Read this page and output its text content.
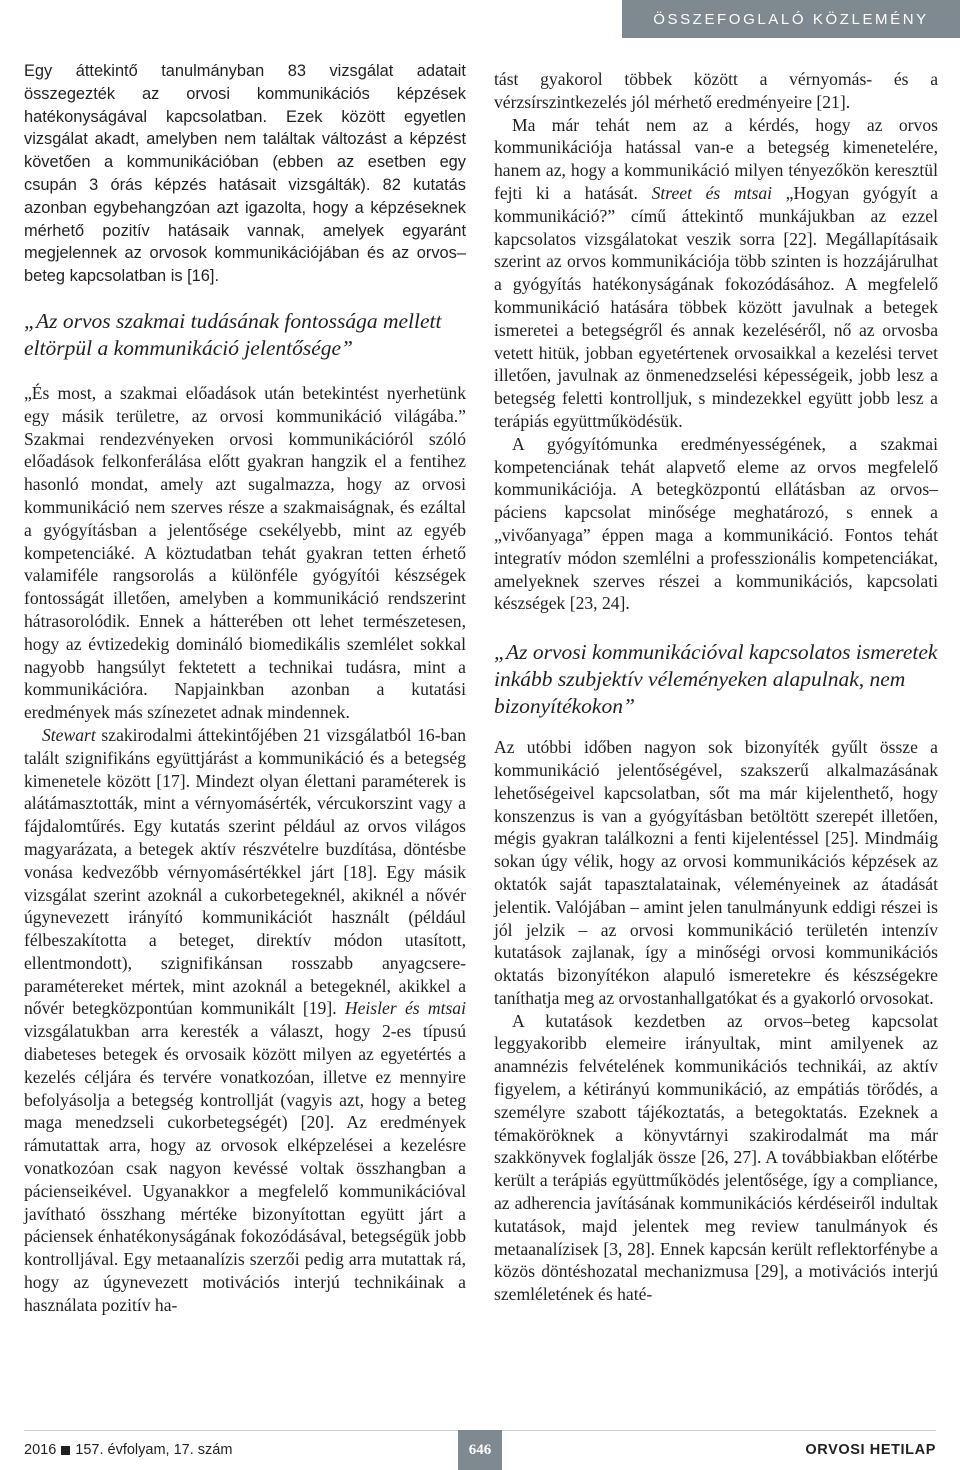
ÖSSZEFOGLALÓ KÖZLEMÉNY

Egy áttekintő tanulmányban 83 vizsgálat adatait összegezték az orvosi kommunikációs képzések hatékonyságával kapcsolatban. Ezek között egyetlen vizsgálat akadt, amelyben nem találtak változást a képzést követően a kommunikációban (ebben az esetben egy csupán 3 órás képzés hatásait vizsgálták). 82 kutatás azonban egybehangzóan azt igazolta, hogy a képzéseknek mérhető pozitív hatásaik vannak, amelyek egyaránt megjelennek az orvosok kommunikációjában és az orvos–beteg kapcsolatban is [16].

„Az orvos szakmai tudásának fontossága mellett eltörpül a kommunikáció jelentősége”

„És most, a szakmai előadások után betekintést nyerhetünk egy másik területre, az orvosi kommunikáció világába.” Szakmai rendezvényeken orvosi kommunikációról szóló előadások felkonferálása előtt gyakran hangzik el a fentihez hasonló mondat, amely azt sugalmazza, hogy az orvosi kommunikáció nem szerves része a szakmaiságnak, és ezáltal a gyógyításban a jelentősége csekélyebb, mint az egyéb kompetenciáké. A köztudatban tehát gyakran tetten érhető valamiféle rangsorolás a különféle gyógyítói készségek fontosságát illetően, amelyben a kommunikáció rendszerint hátrasorolódik. Ennek a hátterében ott lehet természetesen, hogy az évtizedekig domináló biomedikális szemlélet sokkal nagyobb hangsúlyt fektetett a technikai tudásra, mint a kommunikációra. Napjainkban azonban a kutatási eredmények más színezetet adnak mindennek.

Stewart szakirodalmi áttekintőjében 21 vizsgálatból 16-ban talált szignifikáns együttjárást a kommunikáció és a betegség kimenetele között [17]. Mindezt olyan élettani paraméterek is alátámasztották, mint a vérnyomásérték, vércukorszint vagy a fájdalomtűrés. Egy kutatás szerint például az orvos világos magyarázata, a betegek aktív részvételre buzdítása, döntésbe vonása kedvezőbb vérnyomásértékkel járt [18]. Egy másik vizsgálat szerint azoknál a cukorbetegeknél, akiknél a nővér úgynevezett irányító kommunikációt használt (például félbeszakította a beteget, direktív módon utasított, ellentmondott), szignifikánsan rosszabb anyagcsere-paramétereket mértek, mint azoknál a betegeknél, akikkel a nővér betegközpontúan kommunikált [19]. Heisler és mtsai vizsgálatukban arra keresték a választ, hogy 2-es típusú diabeteses betegek és orvosaik között milyen az egyetértés a kezelés céljára és tervére vonatkozóan, illetve ez mennyire befolyásolja a betegség kontrollját (vagyis azt, hogy a beteg maga menedzseli cukorbetegségét) [20]. Az eredmények rámutattak arra, hogy az orvosok elképzelései a kezelésre vonatkozóan csak nagyon kevéssé voltak összhangban a pácienseikével. Ugyanakkor a megfelelő kommunikációval javítható összhang mértéke bizonyítottan együtt járt a páciensek énhatékonyságának fokozódásával, betegségük jobb kontrolljával. Egy metaanalízis szerzői pedig arra mutattak rá, hogy az úgynevezett motivációs interjú technikáinak a használata pozitív ha-

tást gyakorol többek között a vérnyomás- és a vérzsírszintkezelés jól mérhető eredményeire [21].

Ma már tehát nem az a kérdés, hogy az orvos kommunikációja hatással van-e a betegség kimenetelére, hanem az, hogy a kommunikáció milyen tényezőkön keresztül fejti ki a hatását. Street és mtsai „Hogyan gyógyít a kommunikáció?” című áttekintő munkájukban az ezzel kapcsolatos vizsgálatokat veszik sorra [22]. Megállapításaik szerint az orvos kommunikációja több szinten is hozzájárulhat a gyógyítás hatékonyságának fokozódásához. A megfelelő kommunikáció hatására többek között javulnak a betegek ismeretei a betegségről és annak kezeléséről, nő az orvosba vetett hitük, jobban egyetértenek orvosaikkal a kezelési tervet illetően, javulnak az önmenedzselési képességeik, jobb lesz a betegség feletti kontrolljuk, s mindezekkel együtt jobb lesz a terápiás együttműködésük.

A gyógyítómunka eredményességének, a szakmai kompetenciának tehát alapvető eleme az orvos megfelelő kommunikációja. A betegközpontú ellátásban az orvos–páciens kapcsolat minősége meghatározó, s ennek a „vivőanyaga” éppen maga a kommunikáció. Fontos tehát integratív módon szemlélni a professzionális kompetenciákat, amelyeknek szerves részei a kommunikációs, kapcsolati készségek [23, 24].

„Az orvosi kommunikációval kapcsolatos ismeretek inkább szubjektív véleményeken alapulnak, nem bizonyítékokon”

Az utóbbi időben nagyon sok bizonyíték gyűlt össze a kommunikáció jelentőségével, szakszerű alkalmazásának lehetőségeivel kapcsolatban, sőt ma már kijelenthető, hogy konszenzus is van a gyógyításban betöltött szerepét illetően, mégis gyakran találkozni a fenti kijelentéssel [25]. Mindmáig sokan úgy vélik, hogy az orvosi kommunikációs képzések az oktatók saját tapasztalatainak, véleményeinek az átadását jelentik. Valójában – amint jelen tanulmányunk eddigi részei is jól jelzik – az orvosi kommunikáció területén intenzív kutatások zajlanak, így a minőségi orvosi kommunikációs oktatás bizonyítékon alapuló ismeretekre és készségekre taníthatja meg az orvostanhallgatókat és a gyakorló orvosokat.

A kutatások kezdetben az orvos–beteg kapcsolat leggyakoribb elemeire irányultak, mint amilyenek az anamnézis felvételének kommunikációs technikái, az aktív figyelem, a kétirányú kommunikáció, az empátiás törődés, a személyre szabott tájékoztatás, a betegoktatás. Ezeknek a témaköröknek a könyvtárnyi szakirodalmát ma már szakkönyvek foglalják össze [26, 27]. A továbbiakban előtérbe került a terápiás együttműködés jelentősége, így a compliance, az adherencia javításának kommunikációs kérdéseiről indultak kutatások, majd jelentek meg review tanulmányok és metaanalízisek [3, 28]. Ennek kapcsán került reflektorfénybe a közös döntéshozatal mechanizmusa [29], a motivációs interjú szemléletének és haté-

2016 157. évfolyam, 17. szám	ORVOSI HETILAP
646
